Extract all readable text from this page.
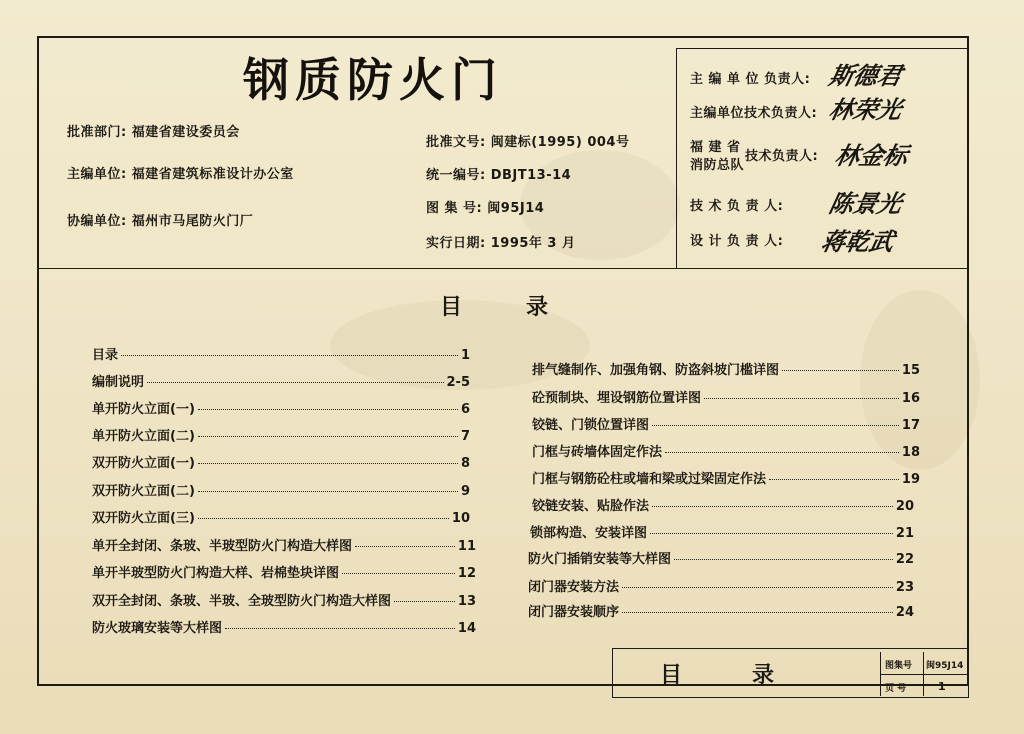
钢质防火门
批准部门: 福建省建设委员会
主编单位: 福建省建筑标准设计办公室
协编单位: 福州市马尾防火门厂
批准文号: 闽建标(1995) 004号
统一编号: DBJT13-14
图 集 号: 闽95J14
实行日期: 1995年 3 月
主 编 单 位 负责人: 斯德君
主编单位技术负责人: 林荣光
福 建 省
消防总队
技术负责人: 林金标
技 术 负 责 人: 陈景光
设 计 负 责 人: 蒋乾武
目录
目录	1
编制说明	2-5
单开防火立面(一)	6
单开防火立面(二)	7
双开防火立面(一)	8
双开防火立面(二)	9
双开防火立面(三)	10
单开全封闭、条玻、半玻型防火门构造大样图	11
单开半玻型防火门构造大样、岩棉垫块详图	12
双开全封闭、条玻、半玻、全玻型防火门构造大样图	13
防火玻璃安装等大样图	14
排气缝制作、加强角钢、防盗斜坡门槛详图	15
砼预制块、埋设钢筋位置详图	16
铰链、门锁位置详图	17
门框与砖墙体固定作法	18
门框与钢筋砼柱或墙和梁或过梁固定作法	19
铰链安装、贴脸作法	20
锁部构造、安装详图	21
防火门插销安装等大样图	22
闭门器安装方法	23
闭门器安装顺序	24
目录	图集号 闽95J14
页 号	1
